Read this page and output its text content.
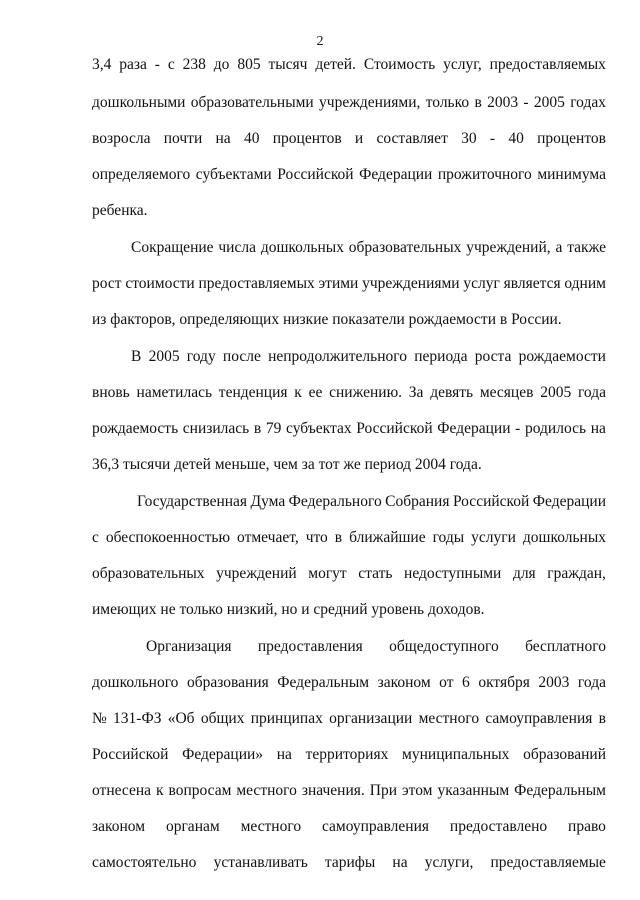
2
3,4 раза - с 238 до 805 тысяч детей. Стоимость услуг, предоставляемых
дошкольными образовательными учреждениями, только в 2003 - 2005 годах
возросла почти на 40 процентов и составляет 30 - 40 процентов
определяемого субъектами Российской Федерации прожиточного минимума
ребенка.
Сокращение числа дошкольных образовательных учреждений, а также
рост стоимости предоставляемых этими учреждениями услуг является одним
из факторов, определяющих низкие показатели рождаемости в России.
В 2005 году после непродолжительного периода роста рождаемости
вновь наметилась тенденция к ее снижению. За девять месяцев 2005 года
рождаемость снизилась в 79 субъектах Российской Федерации - родилось на
36,3 тысячи детей меньше, чем за тот же период 2004 года.
Государственная Дума Федерального Собрания Российской Федерации
с обеспокоенностью отмечает, что в ближайшие годы услуги дошкольных
образовательных учреждений могут стать недоступными для граждан,
имеющих не только низкий, но и средний уровень доходов.
Организация предоставления общедоступного бесплатного
дошкольного образования Федеральным законом от 6 октября 2003 года
№ 131-ФЗ «Об общих принципах организации местного самоуправления в
Российской Федерации» на территориях муниципальных образований
отнесена к вопросам местного значения. При этом указанным Федеральным
законом органам местного самоуправления предоставлено право
самостоятельно устанавливать тарифы на услуги, предоставляемые
